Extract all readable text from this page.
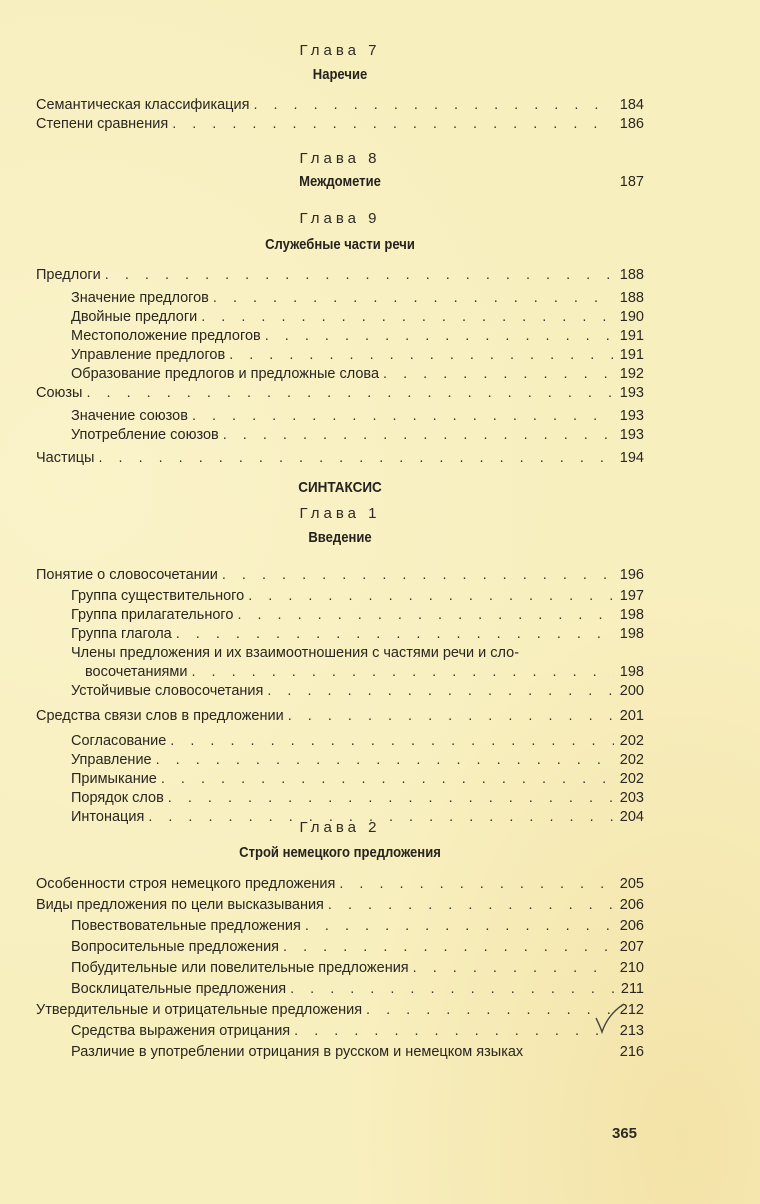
Глава 7
Наречие
Семантическая классификация . . .	184
Степени сравнения . . .	186
Глава 8
Междометие	187
Глава 9
Служебные части речи
Предлоги . . .	188
Значение предлогов . . .	188
Двойные предлоги . . .	190
Местоположение предлогов . . .	191
Управление предлогов . . .	191
Образование предлогов и предложные слова . . .	192
Союзы . . .	193
Значение союзов . . .	193
Употребление союзов . . .	193
Частицы . . .	194
СИНТАКСИС
Глава 1
Введение
Понятие о словосочетании . . .	196
Группа существительного . . .	197
Группа прилагательного . . .	198
Группа глагола . . .	198
Члены предложения и их взаимоотношения с частями речи и сло-
восочетаниями . . .	198
Устойчивые словосочетания . . .	200
Средства связи слов в предложении . . .	201
Согласование . . .	202
Управление . . .	202
Примыкание . . .	202
Порядок слов . . .	203
Интонация . . .	204
Глава 2
Строй немецкого предложения
Особенности строя немецкого предложения . . .	205
Виды предложения по цели высказывания . . .	206
Повествовательные предложения . . .	206
Вопросительные предложения . . .	207
Побудительные или повелительные предложения . . .	210
Восклицательные предложения . . .	211
Утвердительные и отрицательные предложения . . .	212
Средства выражения отрицания . . .	213
Различие в употреблении отрицания в русском и немецком языках	216
365
